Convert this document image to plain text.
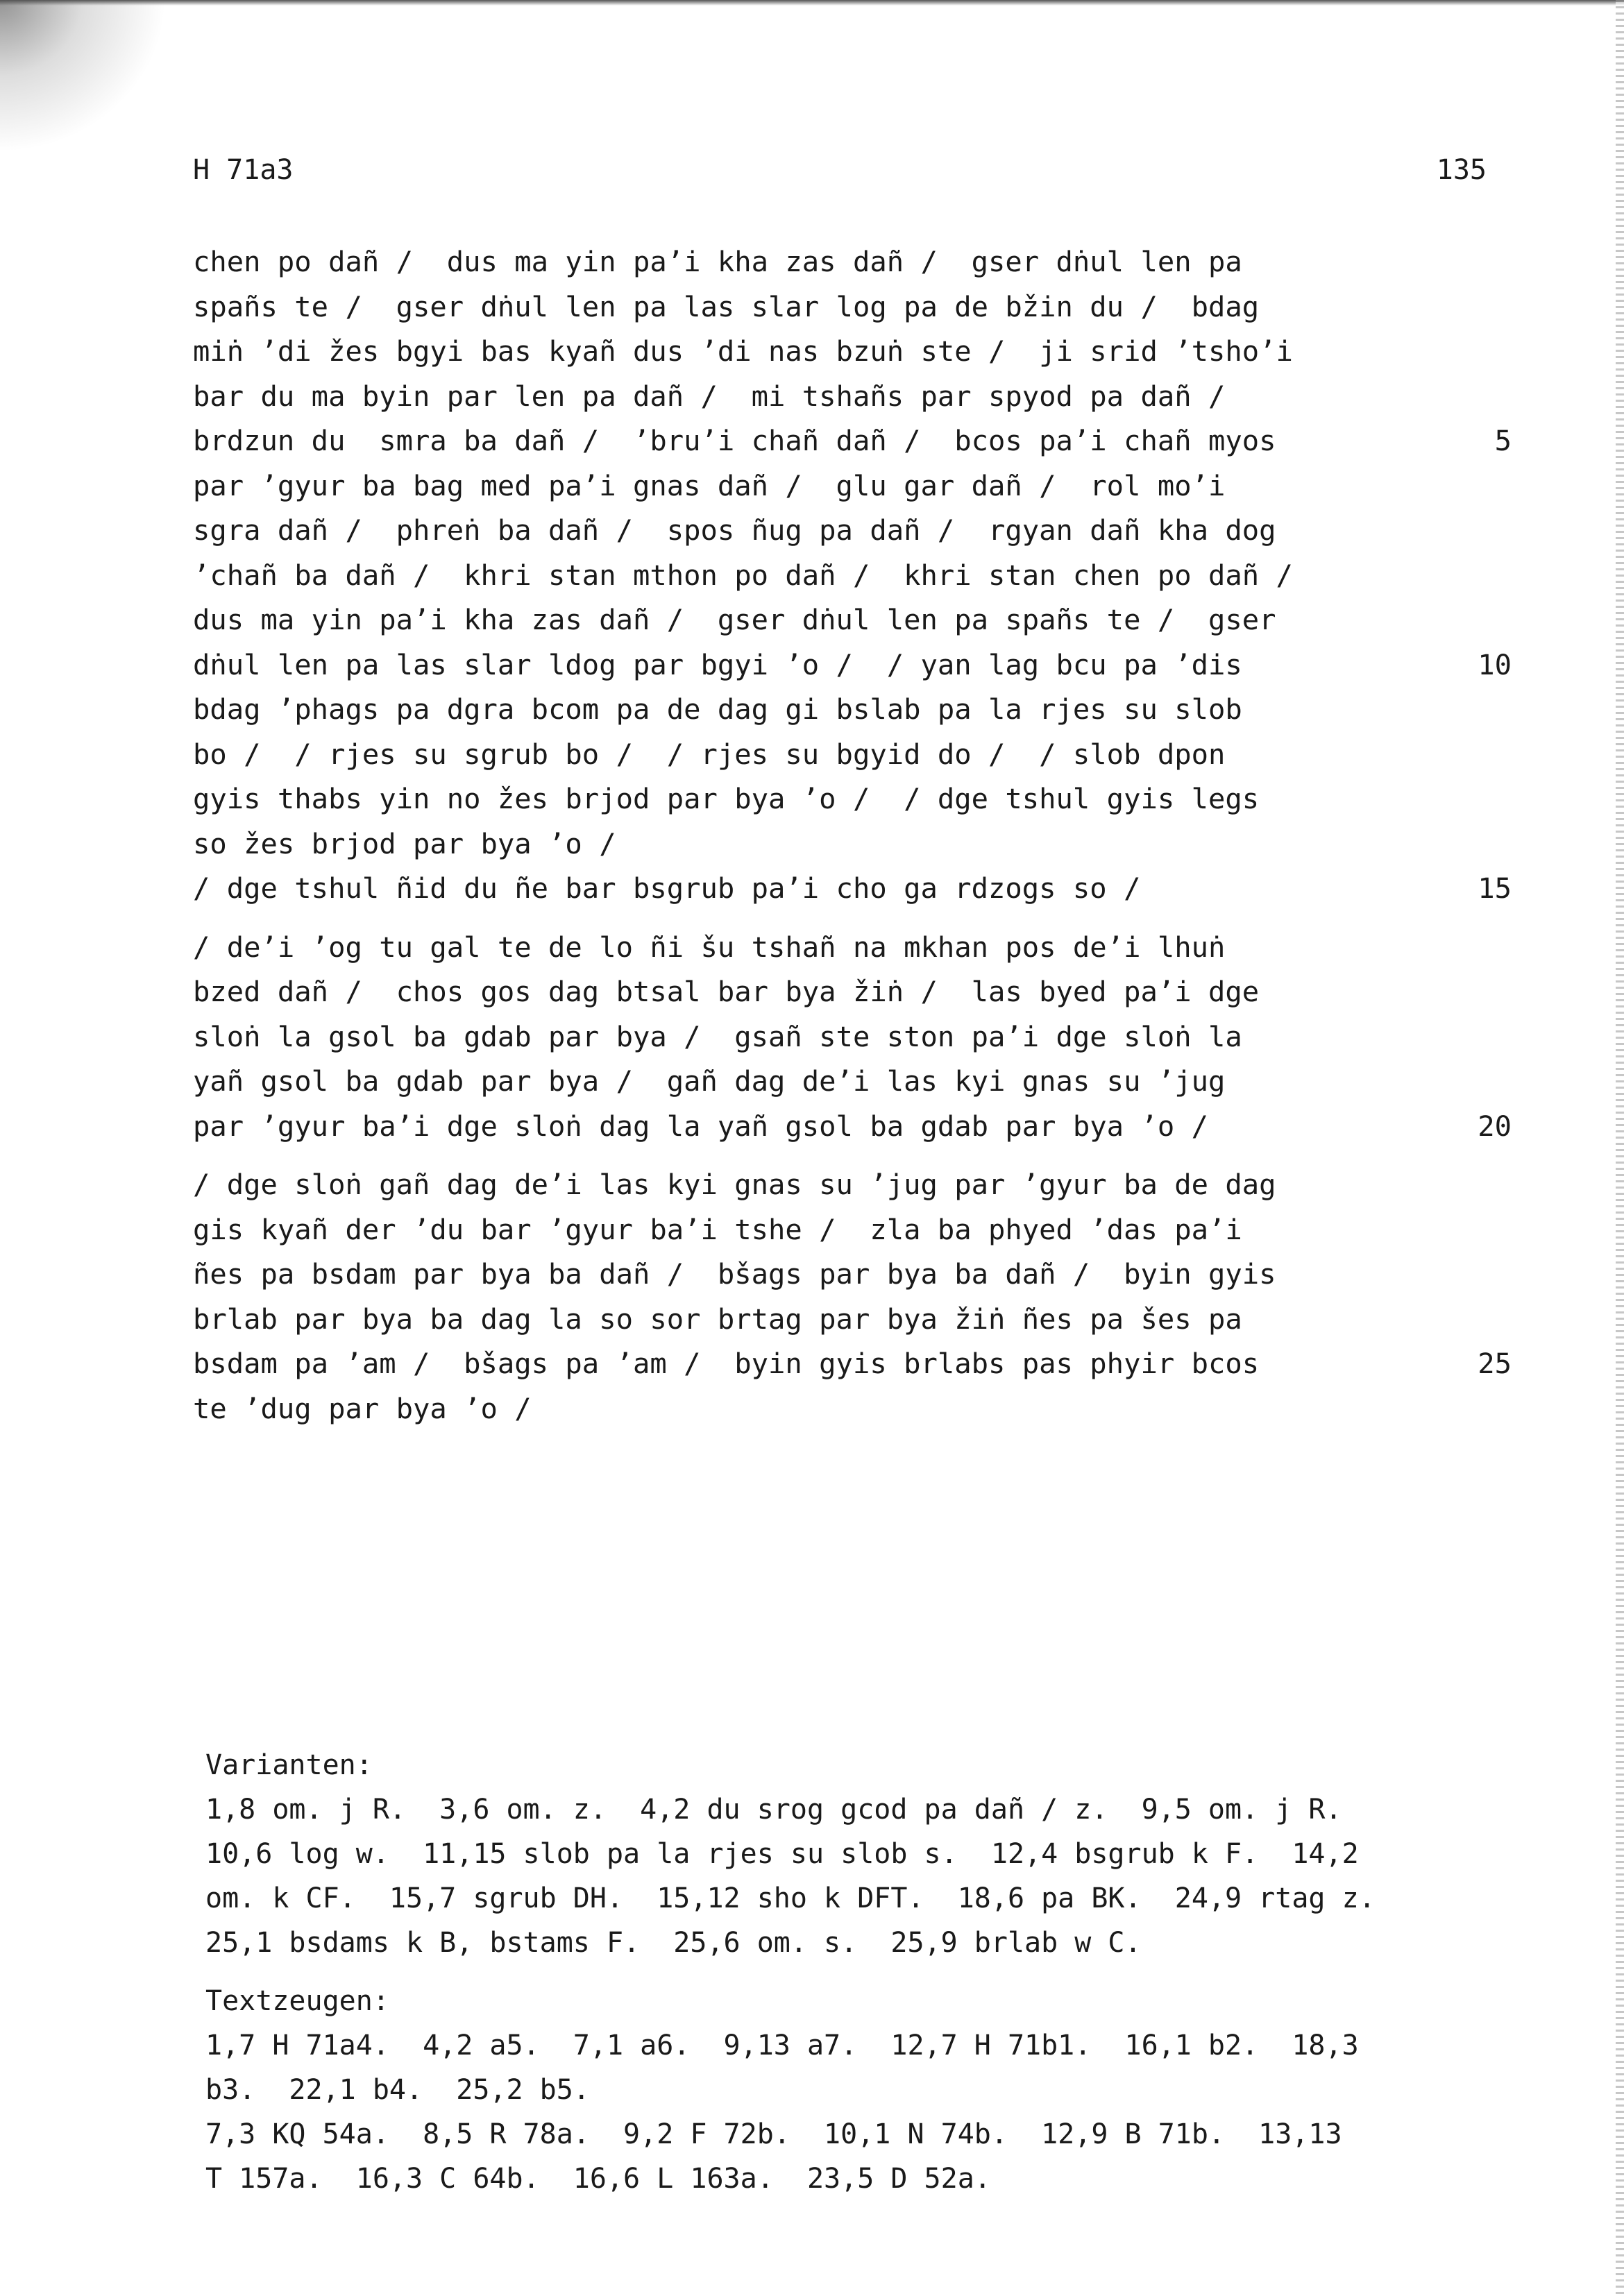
H 71a3	135
chen po dañ /  dus ma yin pa’i kha zas dañ /  gser dṅul len pa
spañs te /  gser dṅul len pa las slar log pa de bžin du /  bdag
miṅ ’di žes bgyi bas kyañ dus ’di nas bzuṅ ste /  ji srid ’tsho’i
bar du ma byin par len pa dañ /  mi tshañs par spyod pa dañ /
brdzun du  smra ba dañ /  ’bru’i chañ dañ /  bcos pa’i chañ myos	5
par ’gyur ba bag med pa’i gnas dañ /  glu gar dañ /  rol mo’i
sgra dañ /  phreṅ ba dañ /  spos ñug pa dañ /  rgyan dañ kha dog
’chañ ba dañ /  khri stan mthon po dañ /  khri stan chen po dañ /
dus ma yin pa’i kha zas dañ /  gser dṅul len pa spañs te /  gser
dṅul len pa las slar ldog par bgyi ’o /  / yan lag bcu pa ’dis	10
bdag ’phags pa dgra bcom pa de dag gi bslab pa la rjes su slob
bo /  / rjes su sgrub bo /  / rjes su bgyid do /  / slob dpon
gyis thabs yin no žes brjod par bya ’o /  / dge tshul gyis legs
so žes brjod par bya ’o /
/ dge tshul ñid du ñe bar bsgrub pa’i cho ga rdzogs so /	15
/ de’i ’og tu gal te de lo ñi šu tshañ na mkhan pos de’i lhuṅ
bzed dañ /  chos gos dag btsal bar bya žiṅ /  las byed pa’i dge
sloṅ la gsol ba gdab par bya /  gsañ ste ston pa’i dge sloṅ la
yañ gsol ba gdab par bya /  gañ dag de’i las kyi gnas su ’jug
par ’gyur ba’i dge sloṅ dag la yañ gsol ba gdab par bya ’o /	20
/ dge sloṅ gañ dag de’i las kyi gnas su ’jug par ’gyur ba de dag
gis kyañ der ’du bar ’gyur ba’i tshe /  zla ba phyed ’das pa’i
ñes pa bsdam par bya ba dañ /  bšags par bya ba dañ /  byin gyis
brlab par bya ba dag la so sor brtag par bya žiṅ ñes pa šes pa
bsdam pa ’am /  bšags pa ’am /  byin gyis brlabs pas phyir bcos	25
te ’dug par bya ’o /
Varianten:
1,8 om. j R.  3,6 om. z.  4,2 du srog gcod pa dañ / z.  9,5 om. j R.
10,6 log w.  11,15 slob pa la rjes su slob s.  12,4 bsgrub k F.  14,2
om. k CF.  15,7 sgrub DH.  15,12 sho k DFT.  18,6 pa BK.  24,9 rtag z.
25,1 bsdams k B, bstams F.  25,6 om. s.  25,9 brlab w C.
Textzeugen:
1,7 H 71a4.  4,2 a5.  7,1 a6.  9,13 a7.  12,7 H 71b1.  16,1 b2.  18,3
b3.  22,1 b4.  25,2 b5.
7,3 KQ 54a.  8,5 R 78a.  9,2 F 72b.  10,1 N 74b.  12,9 B 71b.  13,13
T 157a.  16,3 C 64b.  16,6 L 163a.  23,5 D 52a.
